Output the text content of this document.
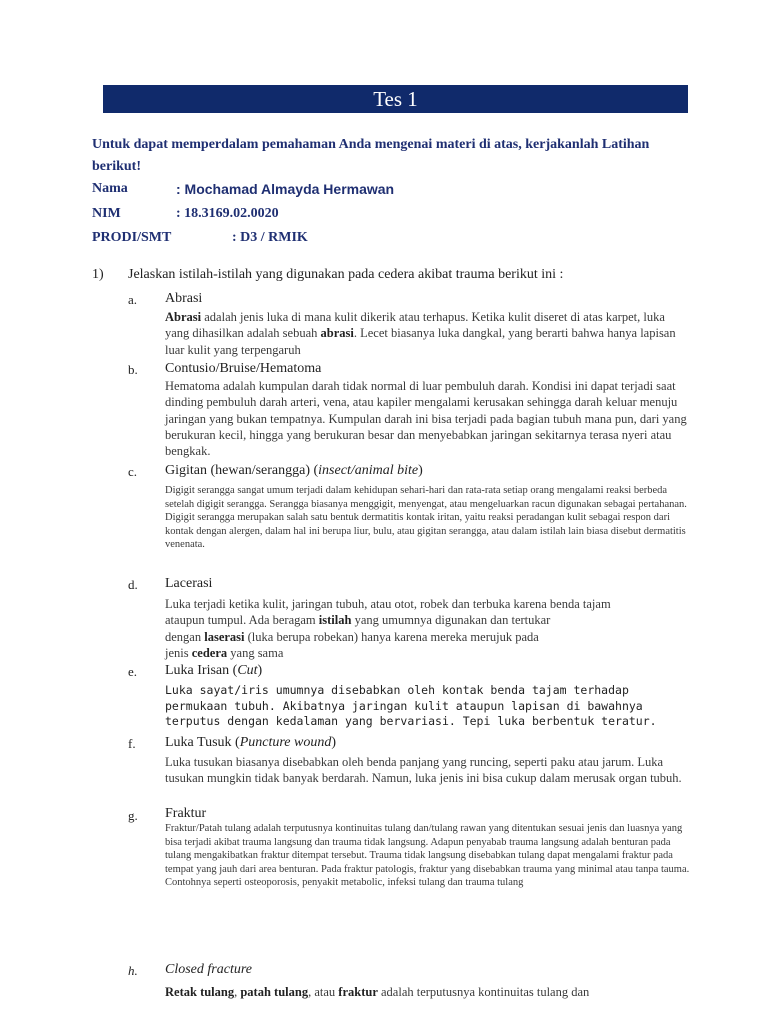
Tes 1
Untuk dapat memperdalam pemahaman Anda mengenai materi di atas, kerjakanlah Latihan berikut!
Nama	: Mochamad Almayda Hermawan
NIM	: 18.3169.02.0020
PRODI/SMT	: D3 / RMIK
1) Jelaskan istilah-istilah yang digunakan pada cedera akibat trauma berikut ini :
a. Abrasi
Abrasi adalah jenis luka di mana kulit dikerik atau terhapus. Ketika kulit diseret di atas karpet, luka yang dihasilkan adalah sebuah abrasi. Lecet biasanya luka dangkal, yang berarti bahwa hanya lapisan luar kulit yang terpengaruh
b. Contusio/Bruise/Hematoma
Hematoma adalah kumpulan darah tidak normal di luar pembuluh darah. Kondisi ini dapat terjadi saat dinding pembuluh darah arteri, vena, atau kapiler mengalami kerusakan sehingga darah keluar menuju jaringan yang bukan tempatnya. Kumpulan darah ini bisa terjadi pada bagian tubuh mana pun, dari yang berukuran kecil, hingga yang berukuran besar dan menyebabkan jaringan sekitarnya terasa nyeri atau bengkak.
c. Gigitan (hewan/serangga) (insect/animal bite)
Digigit serangga sangat umum terjadi dalam kehidupan sehari-hari dan rata-rata setiap orang mengalami reaksi berbeda setelah digigit serangga. Serangga biasanya menggigit, menyengat, atau mengeluarkan racun digunakan sebagai pertahanan. Digigit serangga merupakan salah satu bentuk dermatitis kontak iritan, yaitu reaksi peradangan kulit sebagai respon dari kontak dengan alergen, dalam hal ini berupa liur, bulu, atau gigitan serangga, atau dalam istilah lain biasa disebut dermatitis venenata.
d. Lacerasi
Luka terjadi ketika kulit, jaringan tubuh, atau otot, robek dan terbuka karena benda tajam
ataupun tumpul. Ada beragam istilah yang umumnya digunakan dan tertukar
dengan laserasi (luka berupa robekan) hanya karena mereka merujuk pada
jenis cedera yang sama
e. Luka Irisan (Cut)
Luka sayat/iris umumnya disebabkan oleh kontak benda tajam terhadap permukaan tubuh. Akibatnya jaringan kulit ataupun lapisan di bawahnya terputus dengan kedalaman yang bervariasi. Tepi luka berbentuk teratur.
f. Luka Tusuk (Puncture wound)
Luka tusukan biasanya disebabkan oleh benda panjang yang runcing, seperti paku atau jarum. Luka tusukan mungkin tidak banyak berdarah. Namun, luka jenis ini bisa cukup dalam merusak organ tubuh.
g. Fraktur
Fraktur/Patah tulang adalah terputusnya kontinuitas tulang dan/tulang rawan yang ditentukan sesuai jenis dan luasnya yang bisa terjadi akibat trauma langsung dan trauma tidak langsung. Adapun penyabab trauma langsung adalah benturan pada tulang mengakibatkan fraktur ditempat tersebut. Trauma tidak langsung disebabkan tulang dapat mengalami fraktur pada tempat yang jauh dari area benturan. Pada fraktur patologis, fraktur yang disebabkan trauma yang minimal atau tanpa tauma. Contohnya seperti osteoporosis, penyakit metabolic, infeksi tulang dan trauma tulang
h. Closed fracture
Retak tulang, patah tulang, atau fraktur adalah terputusnya kontinuitas tulang dan
